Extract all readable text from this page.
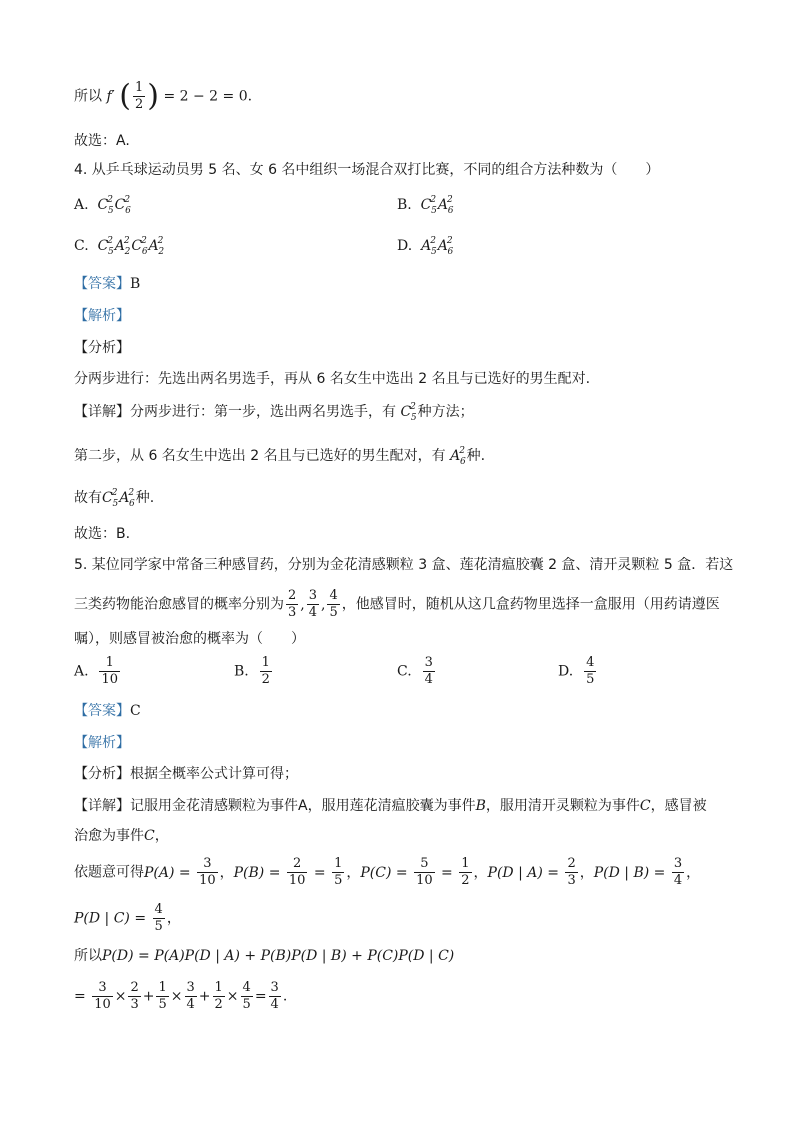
所以 f′ ( $\frac{1}{2}$ ) = 2 − 2 = 0.
故选：A.
4. 从乒乓球运动员男 5 名、女 6 名中组织一场混合双打比赛，不同的组合方法种数为（　　）
A. $C^2_5C^2_6$	B. $C^2_5A^2_6$
C. $C^2_5A^2_2C^2_6A^2_2$	D. $A^2_5A^2_6$
【答案】B
【解析】
【分析】
分两步进行：先选出两名男选手，再从 6 名女生中选出 2 名且与已选好的男生配对.
【详解】分两步进行：第一步，选出两名男选手，有 $C^2_5$种方法；
第二步，从 6 名女生中选出 2 名且与已选好的男生配对，有 $A^2_6$种.
故有$C^2_5A^2_6$种.
故选：B.
5. 某位同学家中常备三种感冒药，分别为金花清感颗粒 3 盒、莲花清瘟胶囊 2 盒、清开灵颗粒 5 盒．若这
三类药物能治愈感冒的概率分别为 $\frac{2}{3}$ , $\frac{3}{4}$ , $\frac{4}{5}$ ，他感冒时，随机从这几盒药物里选择一盒服用（用药请遵医
嘱），则感冒被治愈的概率为（　　）
A. $\frac{1}{10}$	B. $\frac{1}{2}$	C. $\frac{3}{4}$	D. $\frac{4}{5}$
【答案】C
【解析】
【分析】根据全概率公式计算可得；
【详解】记服用金花清感颗粒为事件A，服用莲花清瘟胶囊为事件B，服用清开灵颗粒为事件C，感冒被
治愈为事件C，
依题意可得$P(A) = \frac{3}{10}$ ，$P(B) = \frac{2}{10} = \frac{1}{5}$ ，$P(C) = \frac{5}{10} = \frac{1}{2}$ ，P(D | $A) = \frac{2}{3}$ ，P(D | $B) = \frac{3}{4}$ ，
P(D | $C) = \frac{4}{5}$ ，
所以P(D) = P(A)P(D | A) + P(B)P(D | B) + P(C)P(D | C)
= $\frac{3}{10} \times \frac{2}{3} + \frac{1}{5} \times \frac{3}{4} + \frac{1}{2} \times \frac{4}{5} = \frac{3}{4}$ .
